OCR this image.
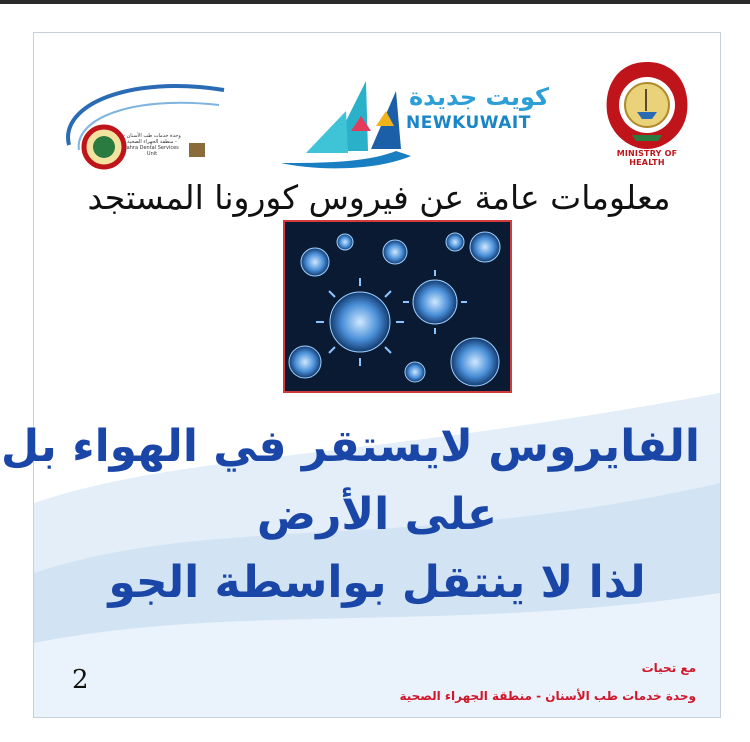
وحدة خدمات طب الأسنان - منطقة الجهراء الصحية - Jahra Dental Services Unit
كويت جديدة
NEWKUWAIT
MINISTRY OF HEALTH
معلومات عامة عن فيروس كورونا المستجد
الفايروس لايستقر في الهواء بل
على الأرض
لذا لا ينتقل بواسطة الجو
2	مع تحيات
وحدة خدمات طب الأسنان - منطقة الجهراء الصحية
